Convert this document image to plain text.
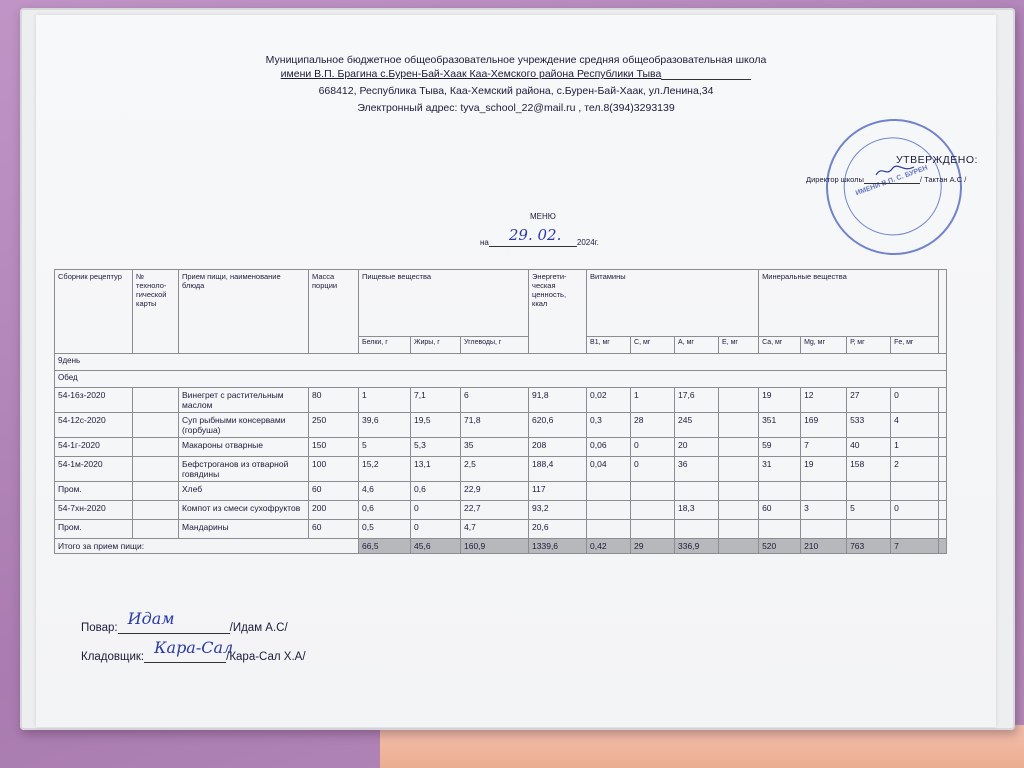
Муниципальное бюджетное общеобразовательное учреждение средняя общеобразовательная школа
имени В.П. Брагина с.Бурен-Бай-Хаак Каа-Хемского района Республики Тыва
668412, Республика Тыва, Каа-Хемский района, с.Бурен-Бай-Хаак, ул.Ленина,34
Электронный адрес: tyva_school_22@mail.ru , тел.8(394)3293139
ИМЕНИ В.П. С. БУРЕН
УТВЕРЖДЕНО:
Директор школы	/ Тактан А.С /
МЕНЮ
на 29. 02. 2024г.
Сборник рецептур	№ техноло-гической карты	Прием пищи, наименование блюда	Масса порции	Пищевые вещества			Энергети-ческая ценность, ккал	Витамины				Минеральные вещества				
				Белки, г	Жиры, г	Углеводы, г		В1, мг	С, мг	А, мг	Е, мг	Са, мг	Mg, мг	Р, мг	Fe, мг	
9день																
Обед																
54-16з-2020		Винегрет с растительным маслом	80	1	7,1	6	91,8	0,02	1	17,6		19	12	27	0	
54-12с-2020		Суп рыбными консервами (горбуша)	250	39,6	19,5	71,8	620,6	0,3	28	245		351	169	533	4	
54-1г-2020		Макароны отварные	150	5	5,3	35	208	0,06	0	20		59	7	40	1	
54-1м-2020		Бефстроганов из отварной говядины	100	15,2	13,1	2,5	188,4	0,04	0	36		31	19	158	2	
Пром.		Хлеб	60	4,6	0,6	22,9	117									
54-7хн-2020		Компот из смеси сухофруктов	200	0,6	0	22,7	93,2			18,3		60	3	5	0	
Пром.		Мандарины	60	0,5	0	4,7	20,6									
Итого за прием пищи:				66,5	45,6	160,9	1339,6	0,42	29	336,9		520	210	763	7	
Повар: Идам	/Идам А.С/
Кладовщик: Кара-Сал
/Кара-Сал Х.А/
